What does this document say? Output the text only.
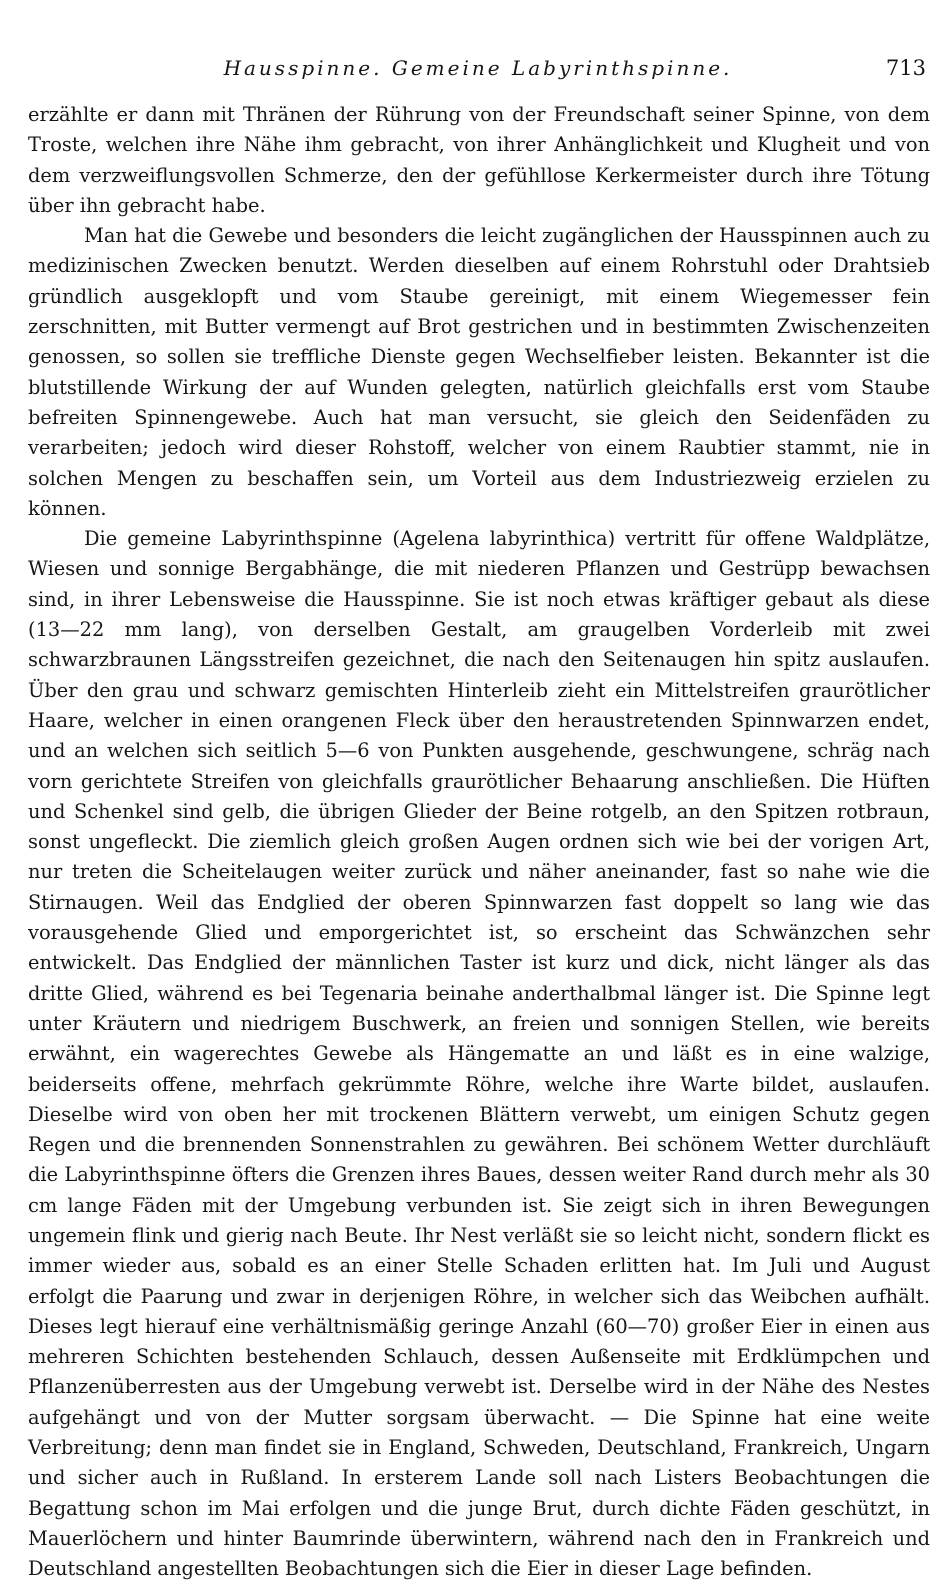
Hausspinne. Gemeine Labyrinthspinne.	713

erzählte er dann mit Thränen der Rührung von der Freundschaft seiner Spinne, von dem Troste, welchen ihre Nähe ihm gebracht, von ihrer Anhänglichkeit und Klugheit und von dem verzweiflungsvollen Schmerze, den der gefühllose Kerkermeister durch ihre Tötung über ihn gebracht habe.

Man hat die Gewebe und besonders die leicht zugänglichen der Hausspinnen auch zu medizinischen Zwecken benutzt. Werden dieselben auf einem Rohrstuhl oder Drahtsieb gründlich ausgeklopft und vom Staube gereinigt, mit einem Wiegemesser fein zerschnitten, mit Butter vermengt auf Brot gestrichen und in bestimmten Zwischenzeiten genossen, so sollen sie treffliche Dienste gegen Wechselfieber leisten. Bekannter ist die blutstillende Wirkung der auf Wunden gelegten, natürlich gleichfalls erst vom Staube befreiten Spinnengewebe. Auch hat man versucht, sie gleich den Seidenfäden zu verarbeiten; jedoch wird dieser Rohstoff, welcher von einem Raubtier stammt, nie in solchen Mengen zu beschaffen sein, um Vorteil aus dem Industriezweig erzielen zu können.

Die gemeine Labyrinthspinne (Agelena labyrinthica) vertritt für offene Waldplätze, Wiesen und sonnige Bergabhänge, die mit niederen Pflanzen und Gestrüpp bewachsen sind, in ihrer Lebensweise die Hausspinne. Sie ist noch etwas kräftiger gebaut als diese (13—22 mm lang), von derselben Gestalt, am graugelben Vorderleib mit zwei schwarzbraunen Längsstreifen gezeichnet, die nach den Seitenaugen hin spitz auslaufen. Über den grau und schwarz gemischten Hinterleib zieht ein Mittelstreifen graurötlicher Haare, welcher in einen orangenen Fleck über den heraustretenden Spinnwarzen endet, und an welchen sich seitlich 5—6 von Punkten ausgehende, geschwungene, schräg nach vorn gerichtete Streifen von gleichfalls graurötlicher Behaarung anschließen. Die Hüften und Schenkel sind gelb, die übrigen Glieder der Beine rotgelb, an den Spitzen rotbraun, sonst ungefleckt. Die ziemlich gleich großen Augen ordnen sich wie bei der vorigen Art, nur treten die Scheitelaugen weiter zurück und näher aneinander, fast so nahe wie die Stirnaugen. Weil das Endglied der oberen Spinnwarzen fast doppelt so lang wie das vorausgehende Glied und emporgerichtet ist, so erscheint das Schwänzchen sehr entwickelt. Das Endglied der männlichen Taster ist kurz und dick, nicht länger als das dritte Glied, während es bei Tegenaria beinahe anderthalbmal länger ist. Die Spinne legt unter Kräutern und niedrigem Buschwerk, an freien und sonnigen Stellen, wie bereits erwähnt, ein wagerechtes Gewebe als Hängematte an und läßt es in eine walzige, beiderseits offene, mehrfach gekrümmte Röhre, welche ihre Warte bildet, auslaufen. Dieselbe wird von oben her mit trockenen Blättern verwebt, um einigen Schutz gegen Regen und die brennenden Sonnenstrahlen zu gewähren. Bei schönem Wetter durchläuft die Labyrinthspinne öfters die Grenzen ihres Baues, dessen weiter Rand durch mehr als 30 cm lange Fäden mit der Umgebung verbunden ist. Sie zeigt sich in ihren Bewegungen ungemein flink und gierig nach Beute. Ihr Nest verläßt sie so leicht nicht, sondern flickt es immer wieder aus, sobald es an einer Stelle Schaden erlitten hat. Im Juli und August erfolgt die Paarung und zwar in derjenigen Röhre, in welcher sich das Weibchen aufhält. Dieses legt hierauf eine verhältnismäßig geringe Anzahl (60—70) großer Eier in einen aus mehreren Schichten bestehenden Schlauch, dessen Außenseite mit Erdklümpchen und Pflanzenüberresten aus der Umgebung verwebt ist. Derselbe wird in der Nähe des Nestes aufgehängt und von der Mutter sorgsam überwacht. — Die Spinne hat eine weite Verbreitung; denn man findet sie in England, Schweden, Deutschland, Frankreich, Ungarn und sicher auch in Rußland. In ersterem Lande soll nach Listers Beobachtungen die Begattung schon im Mai erfolgen und die junge Brut, durch dichte Fäden geschützt, in Mauerlöchern und hinter Baumrinde überwintern, während nach den in Frankreich und Deutschland angestellten Beobachtungen sich die Eier in dieser Lage befinden.
